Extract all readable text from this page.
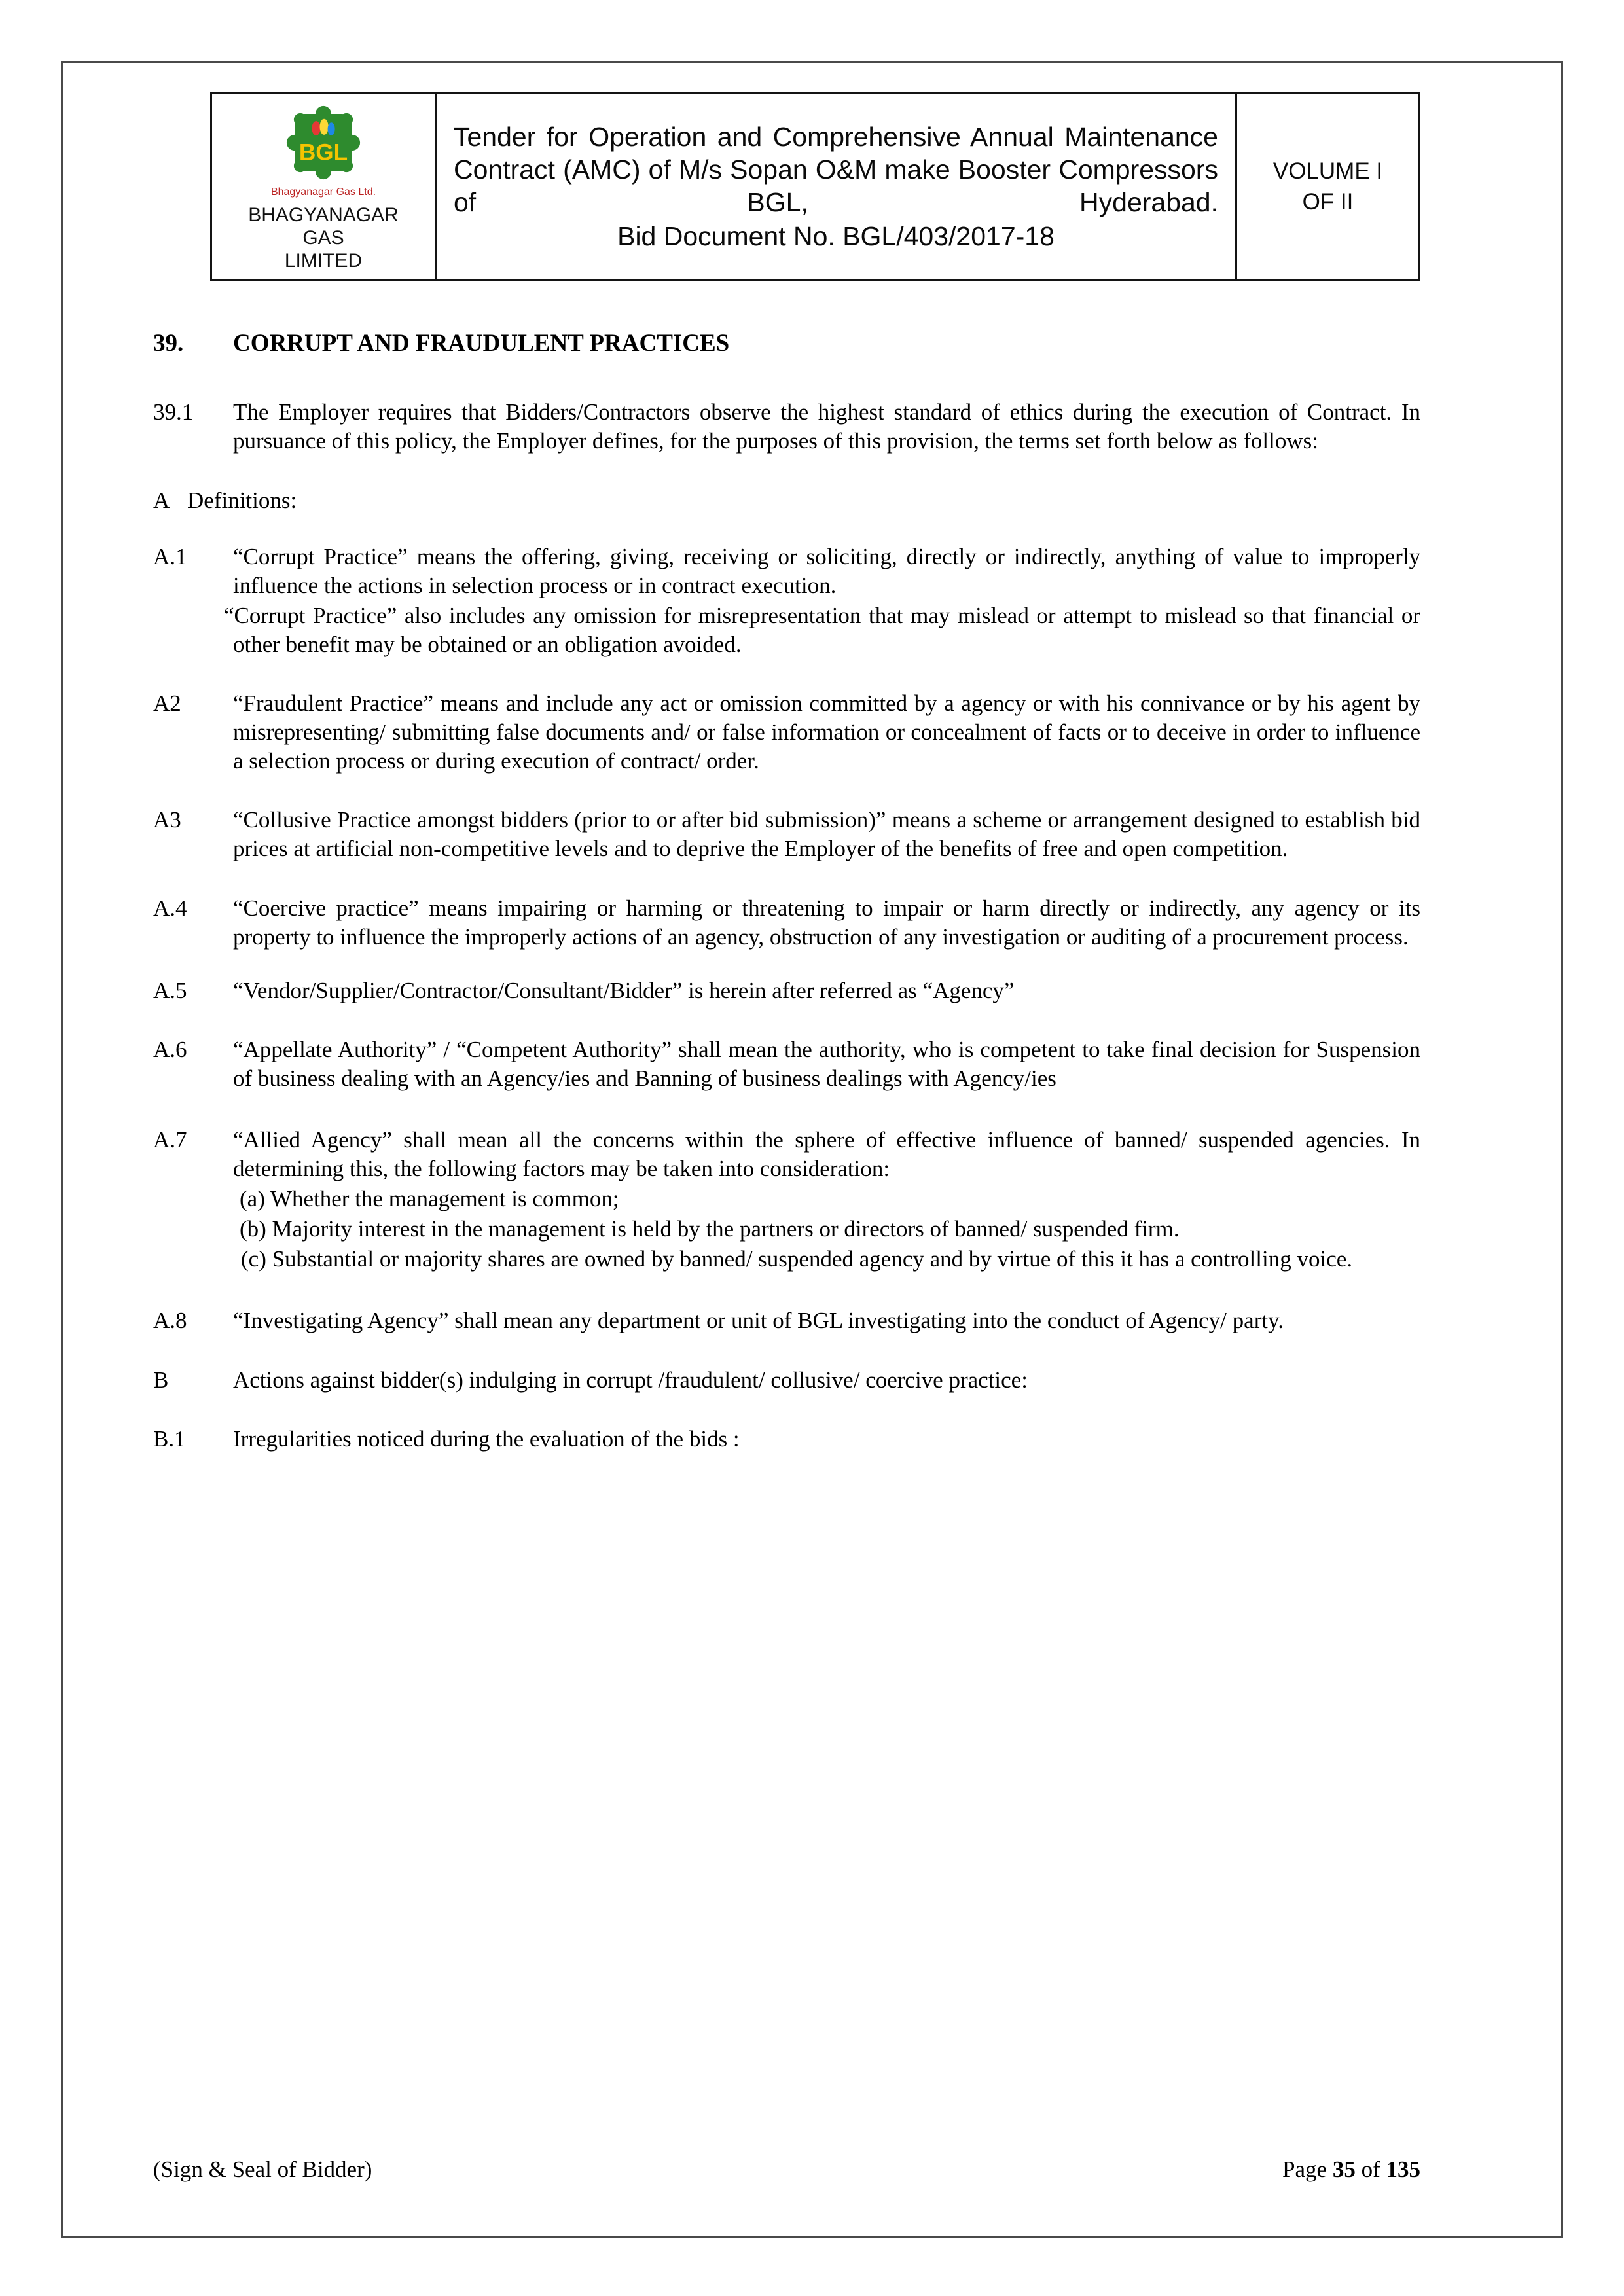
BGL
Bhagyanagar Gas Ltd.
BHAGYANAGAR GAS
LIMITED
Tender for Operation and Comprehensive Annual Maintenance Contract (AMC) of M/s Sopan O&M make Booster Compressors of BGL, Hyderabad.
Bid Document No. BGL/403/2017-18
VOLUME I
OF II
39.	CORRUPT AND FRAUDULENT PRACTICES
39.1	The Employer requires that Bidders/Contractors observe the highest standard of ethics during the execution of Contract. In pursuance of this policy, the Employer defines, for the purposes of this provision, the terms set forth below as follows:
A Definitions:
A.1	“Corrupt Practice” means the offering, giving, receiving or soliciting, directly or indirectly, anything of value to improperly influence the actions in selection process or in contract execution.
“Corrupt Practice” also includes any omission for misrepresentation that may mislead or attempt to mislead so that financial or other benefit may be obtained or an obligation avoided.
A2	“Fraudulent Practice” means and include any act or omission committed by a agency or with his connivance or by his agent by misrepresenting/ submitting false documents and/ or false information or concealment of facts or to deceive in order to influence a selection process or during execution of contract/ order.
A3	“Collusive Practice amongst bidders (prior to or after bid submission)” means a scheme or arrangement designed to establish bid prices at artificial non-competitive levels and to deprive the Employer of the benefits of free and open competition.
A.4	“Coercive practice” means impairing or harming or threatening to impair or harm directly or indirectly, any agency or its property to influence the improperly actions of an agency, obstruction of any investigation or auditing of a procurement process.
A.5	“Vendor/Supplier/Contractor/Consultant/Bidder” is herein after referred as “Agency”
A.6	“Appellate Authority” / “Competent Authority” shall mean the authority, who is competent to take final decision for Suspension of business dealing with an Agency/ies and Banning of business dealings with Agency/ies
A.7	“Allied Agency” shall mean all the concerns within the sphere of effective influence of banned/ suspended agencies. In determining this, the following factors may be taken into consideration:
(a) Whether the management is common;
(b) Majority interest in the management is held by the partners or directors of banned/ suspended firm.
(c) Substantial or majority shares are owned by banned/ suspended agency and by virtue of this it has a controlling voice.
A.8	“Investigating Agency” shall mean any department or unit of BGL investigating into the conduct of Agency/ party.
B	Actions against bidder(s) indulging in corrupt /fraudulent/ collusive/ coercive practice:
B.1	Irregularities noticed during the evaluation of the bids :
(Sign & Seal of Bidder)	Page 35 of 135
